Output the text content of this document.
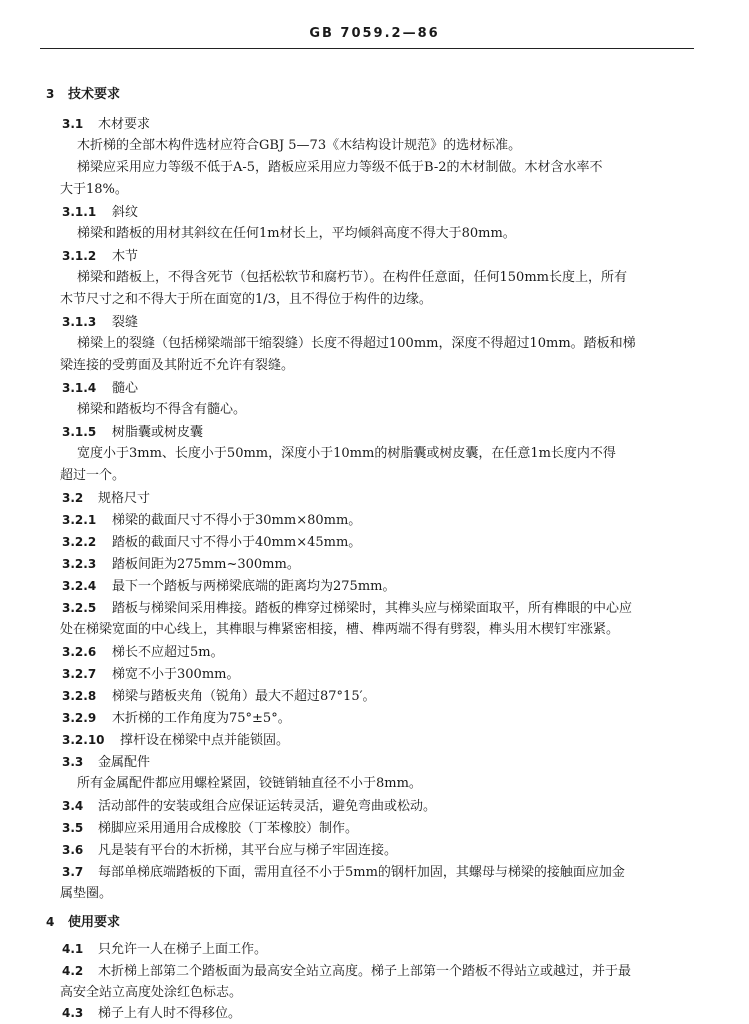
GB 7059.2—86
3 技术要求
3.1 木材要求
木折梯的全部木构件选材应符合GBJ 5—73《木结构设计规范》的选材标准。
梯梁应采用应力等级不低于A-5，踏板应采用应力等级不低于B-2的木材制做。木材含水率不
大于18%。
3.1.1 斜纹
梯梁和踏板的用材其斜纹在任何1m材长上，平均倾斜高度不得大于80mm。
3.1.2 木节
梯梁和踏板上，不得含死节（包括松软节和腐朽节）。在构件任意面，任何150mm长度上，所有
木节尺寸之和不得大于所在面宽的1/3，且不得位于构件的边缘。
3.1.3 裂缝
梯梁上的裂缝（包括梯梁端部干缩裂缝）长度不得超过100mm，深度不得超过10mm。踏板和梯
梁连接的受剪面及其附近不允许有裂缝。
3.1.4 髓心
梯梁和踏板均不得含有髓心。
3.1.5 树脂囊或树皮囊
宽度小于3mm、长度小于50mm，深度小于10mm的树脂囊或树皮囊，在任意1m长度内不得
超过一个。
3.2 规格尺寸
3.2.1 梯梁的截面尺寸不得小于30mm×80mm。
3.2.2 踏板的截面尺寸不得小于40mm×45mm。
3.2.3 踏板间距为275mm~300mm。
3.2.4 最下一个踏板与两梯梁底端的距离均为275mm。
3.2.5 踏板与梯梁间采用榫接。踏板的榫穿过梯梁时，其榫头应与梯梁面取平，所有榫眼的中心应
处在梯梁宽面的中心线上，其榫眼与榫紧密相接，槽、榫两端不得有劈裂，榫头用木楔钉牢涨紧。
3.2.6 梯长不应超过5m。
3.2.7 梯宽不小于300mm。
3.2.8 梯梁与踏板夹角（锐角）最大不超过87°15′。
3.2.9 木折梯的工作角度为75°±5°。
3.2.10 撑杆设在梯梁中点并能锁固。
3.3 金属配件
所有金属配件都应用螺栓紧固，铰链销轴直径不小于8mm。
3.4 活动部件的安装或组合应保证运转灵活，避免弯曲或松动。
3.5 梯脚应采用通用合成橡胶（丁苯橡胶）制作。
3.6 凡是装有平台的木折梯，其平台应与梯子牢固连接。
3.7 每部单梯底端踏板的下面，需用直径不小于5mm的钢杆加固，其螺母与梯梁的接触面应加金
属垫圈。
4 使用要求
4.1 只允许一人在梯子上面工作。
4.2 木折梯上部第二个踏板面为最高安全站立高度。梯子上部第一个踏板不得站立或越过，并于最
高安全站立高度处涂红色标志。
4.3 梯子上有人时不得移位。
